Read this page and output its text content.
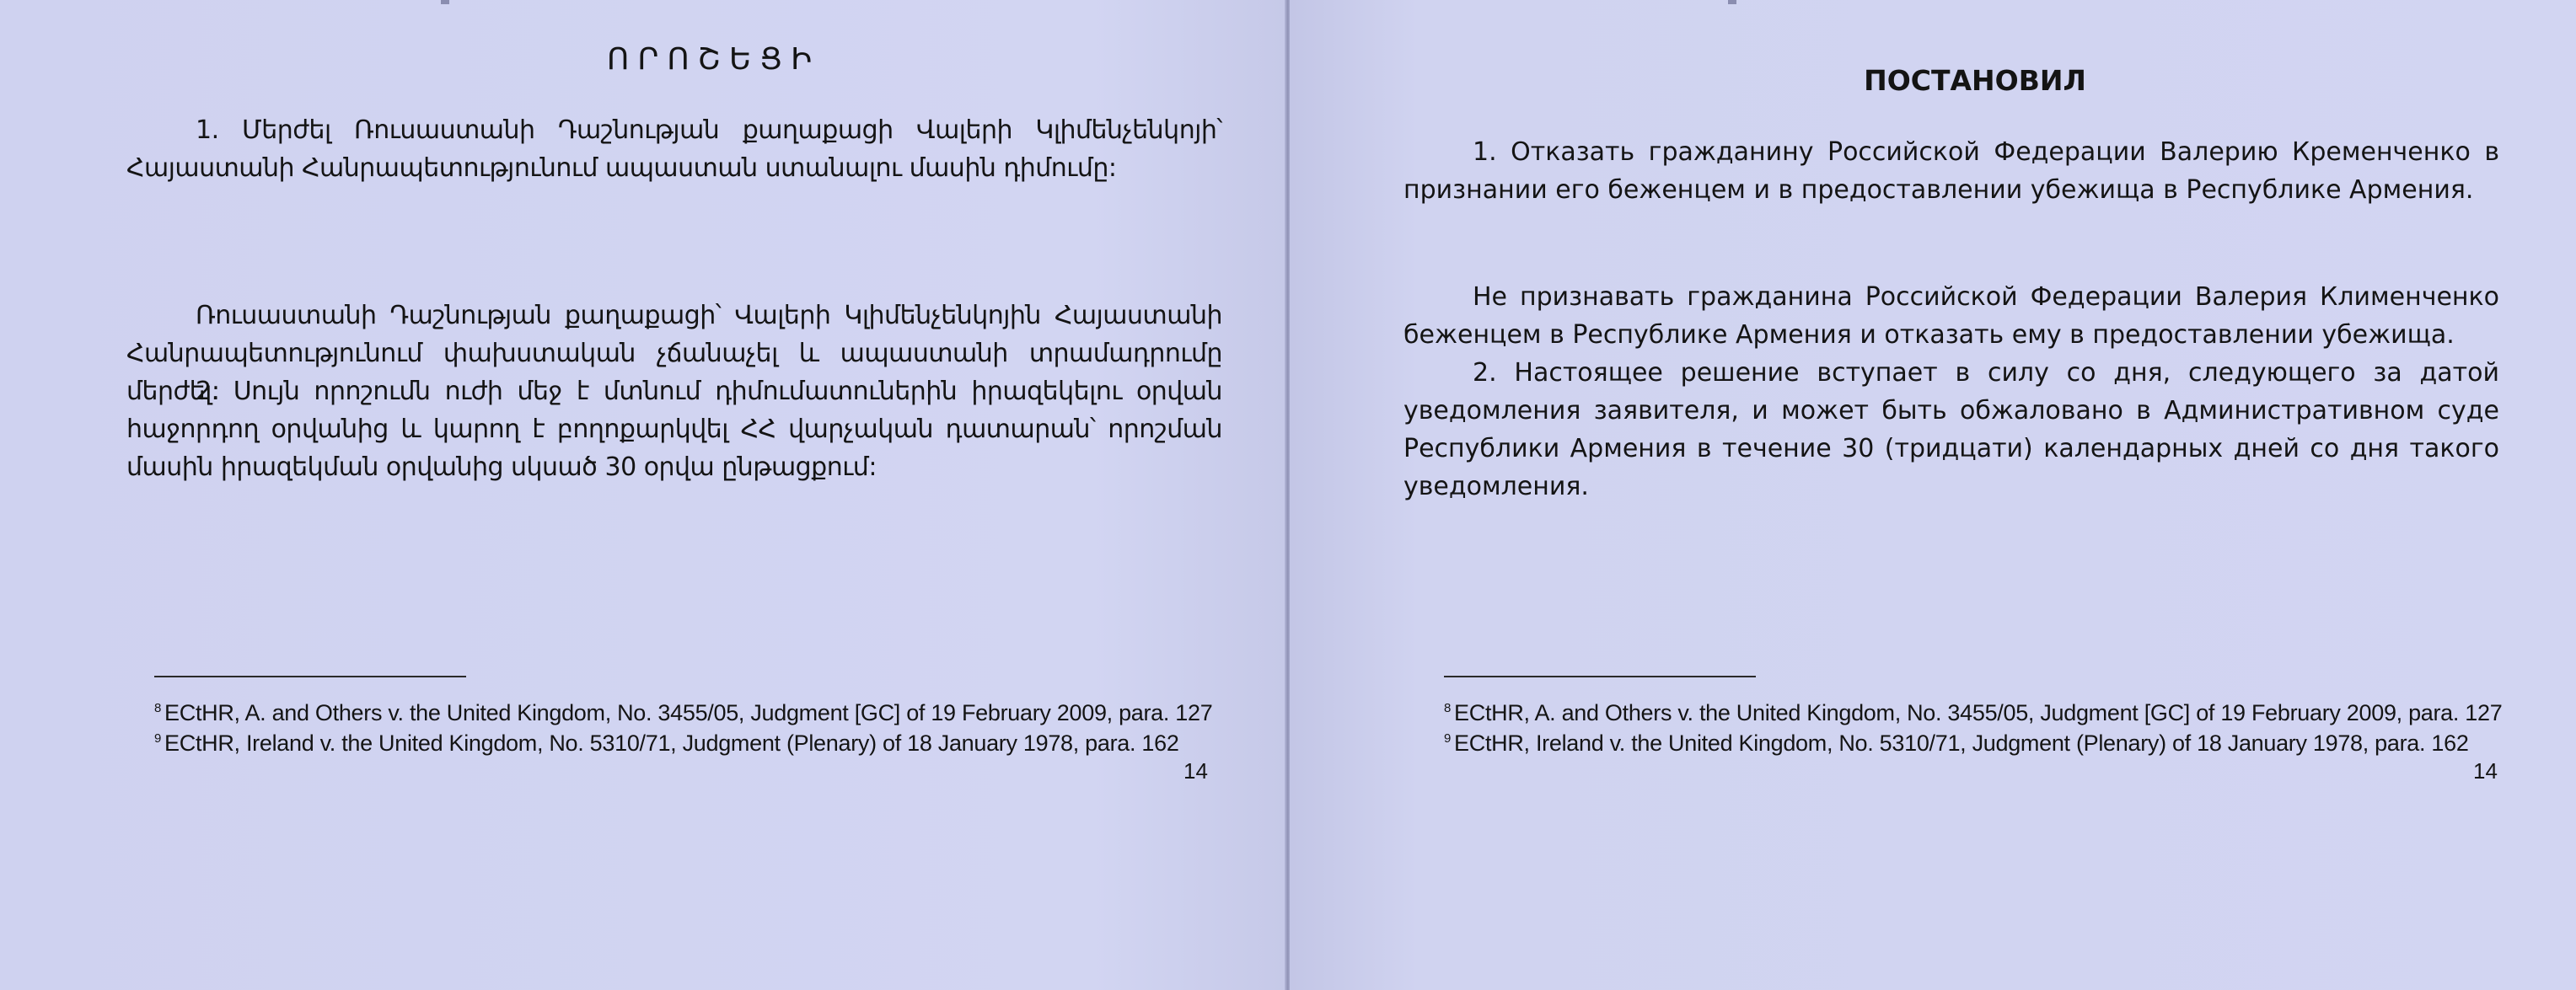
ՈՐՈՇԵՑԻ

1. Մերժել Ռուսաստանի Դաշնության քաղաքացի Վալերի Կլիմենչենկոյի՝ Հայաստանի Հանրապետությունում ապաստան ստանալու մասին դիմումը:

Ռուսաստանի Դաշնության քաղաքացի՝ Վալերի Կլիմենչենկոյին Հայաստանի Հանրապետությունում փախստական չճանաչել և ապաստանի տրամադրումը մերժել:

2. Սույն որոշումն ուժի մեջ է մտնում դիմումատուներին իրազեկելու օրվան հաջորդող օրվանից և կարող է բողոքարկվել ՀՀ վարչական դատարան՝ որոշման մասին իրազեկման օրվանից սկսած 30 օրվա ընթացքում:

$^8$ ECtHR, A. and Others v. the United Kingdom, No. 3455/05, Judgment [GC] of 19 February 2009, para. 127
$^9$ ECtHR, Ireland v. the United Kingdom, No. 5310/71, Judgment (Plenary) of 18 January 1978, para. 162
14
ПОСТАНОВИЛ

1. Отказать гражданину Российской Федерации Валерию Кременченко в признании его беженцем и в предоставлении убежища в Республике Армения.

Не признавать гражданина Российской Федерации Валерия Клименченко беженцем в Республике Армения и отказать ему в предоставлении убежища.

2. Настоящее решение вступает в силу со дня, следующего за датой уведомления заявителя, и может быть обжаловано в Административном суде Республики Армения в течение 30 (тридцати) календарных дней со дня такого уведомления.

$^8$ ECtHR, A. and Others v. the United Kingdom, No. 3455/05, Judgment [GC] of 19 February 2009, para. 127
$^9$ ECtHR, Ireland v. the United Kingdom, No. 5310/71, Judgment (Plenary) of 18 January 1978, para. 162
14
